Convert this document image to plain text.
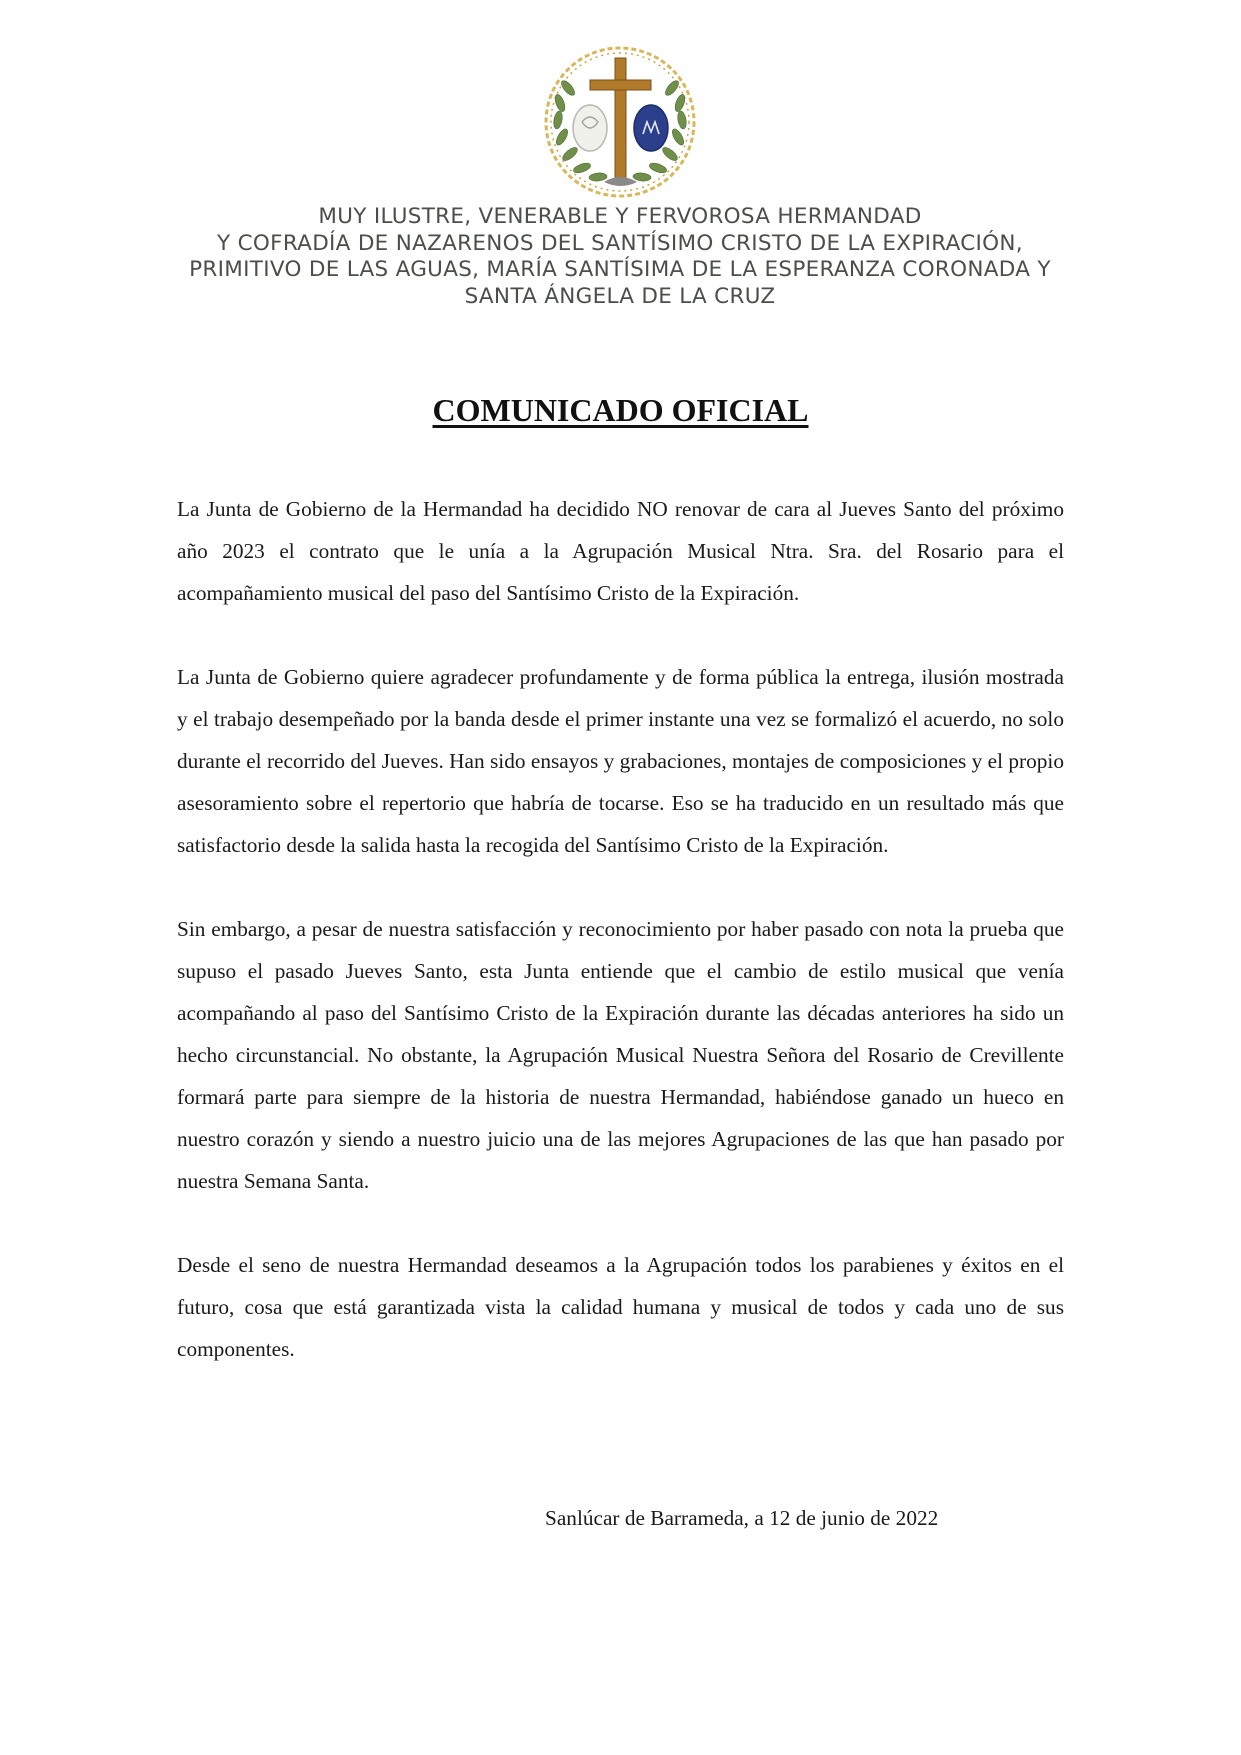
MUY ILUSTRE, VENERABLE Y FERVOROSA HERMANDAD
Y COFRADÍA DE NAZARENOS DEL SANTÍSIMO CRISTO DE LA EXPIRACIÓN,
PRIMITIVO DE LAS AGUAS, MARÍA SANTÍSIMA DE LA ESPERANZA CORONADA Y
SANTA ÁNGELA DE LA CRUZ
COMUNICADO OFICIAL

La Junta de Gobierno de la Hermandad ha decidido NO renovar de cara al Jueves Santo del próximo año 2023 el contrato que le unía a la Agrupación Musical Ntra. Sra. del Rosario para el acompañamiento musical del paso del Santísimo Cristo de la Expiración.

La Junta de Gobierno quiere agradecer profundamente y de forma pública la entrega, ilusión mostrada y el trabajo desempeñado por la banda desde el primer instante una vez se formalizó el acuerdo, no solo durante el recorrido del Jueves. Han sido ensayos y grabaciones, montajes de composiciones y el propio asesoramiento sobre el repertorio que habría de tocarse. Eso se ha traducido en un resultado más que satisfactorio desde la salida hasta la recogida del Santísimo Cristo de la Expiración.

Sin embargo, a pesar de nuestra satisfacción y reconocimiento por haber pasado con nota la prueba que supuso el pasado Jueves Santo, esta Junta entiende que el cambio de estilo musical que venía acompañando al paso del Santísimo Cristo de la Expiración durante las décadas anteriores ha sido un hecho circunstancial. No obstante, la Agrupación Musical Nuestra Señora del Rosario de Crevillente formará parte para siempre de la historia de nuestra Hermandad, habiéndose ganado un hueco en nuestro corazón y siendo a nuestro juicio una de las mejores Agrupaciones de las que han pasado por nuestra Semana Santa.

Desde el seno de nuestra Hermandad deseamos a la Agrupación todos los parabienes y éxitos en el futuro, cosa que está garantizada vista la calidad humana y musical de todos y cada uno de sus componentes.

Sanlúcar de Barrameda, a 12 de junio de 2022
